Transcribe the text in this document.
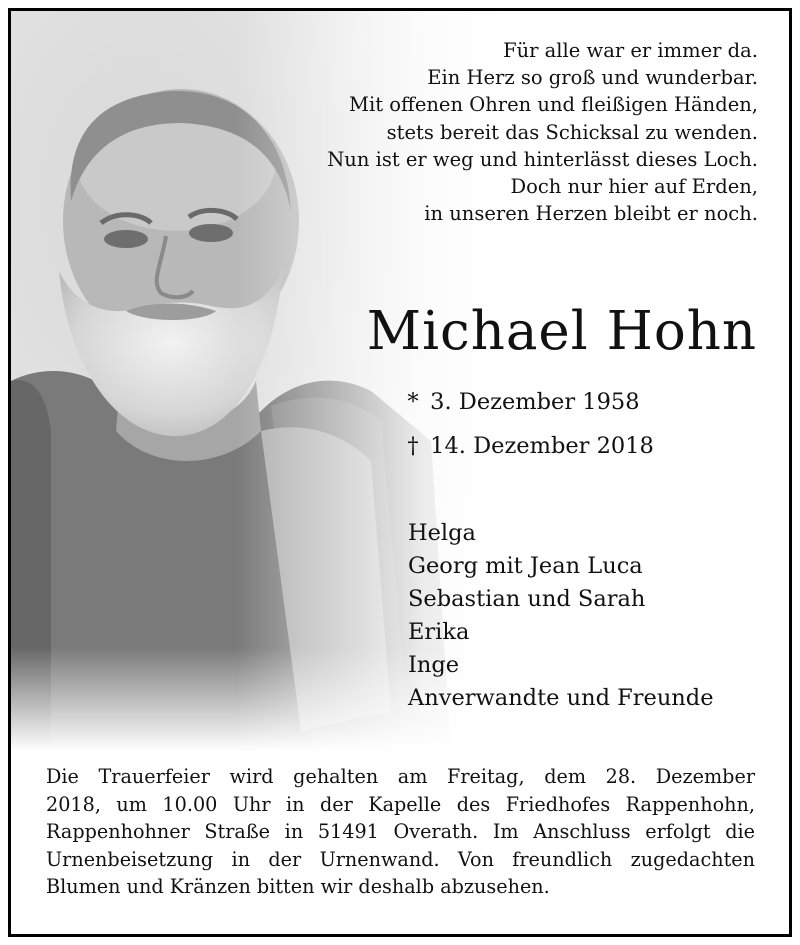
Für alle war er immer da.
Ein Herz so groß und wunderbar.
Mit offenen Ohren und fleißigen Händen,
stets bereit das Schicksal zu wenden.
Nun ist er weg und hinterlässt dieses Loch.
Doch nur hier auf Erden,
in unseren Herzen bleibt er noch.
Michael Hohn
* 3. Dezember 1958
† 14. Dezember 2018
Helga
Georg mit Jean Luca
Sebastian und Sarah
Erika
Inge
Anverwandte und Freunde
Die Trauerfeier wird gehalten am Freitag, dem 28. Dezember
2018, um 10.00 Uhr in der Kapelle des Friedhofes Rappenhohn,
Rappenhohner Straße in 51491 Overath. Im Anschluss erfolgt die
Urnenbeisetzung in der Urnenwand. Von freundlich zugedachten
Blumen und Kränzen bitten wir deshalb abzusehen.
